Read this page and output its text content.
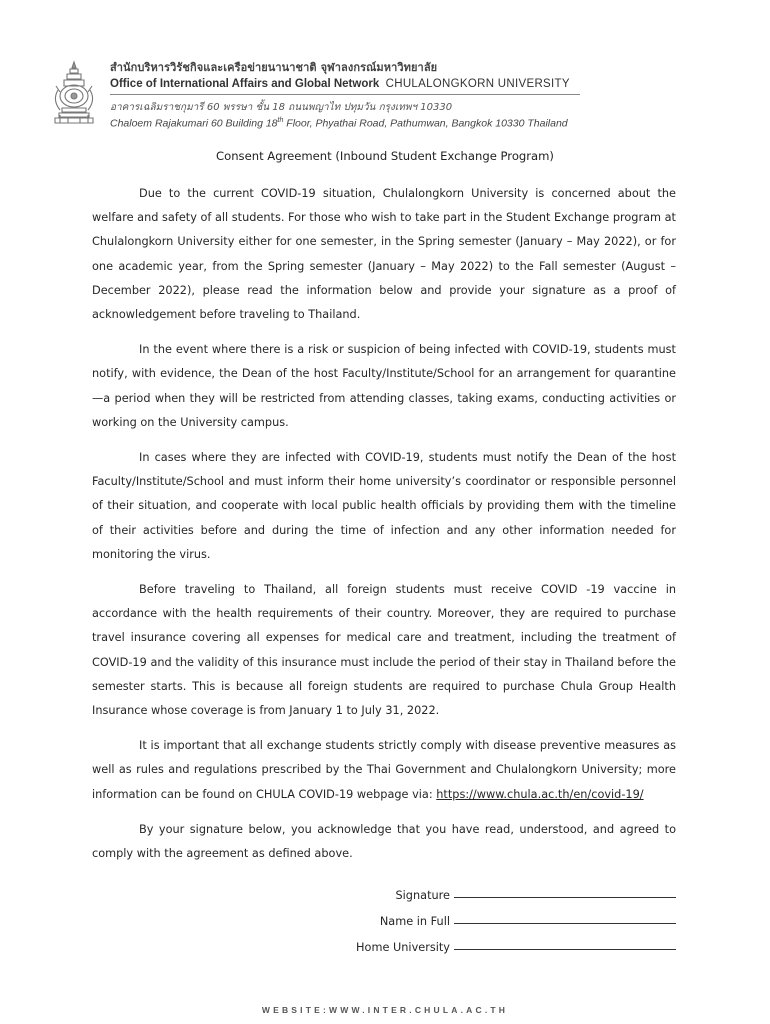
สำนักบริหารวิรัชกิจและเครือข่ายนานาชาติ จุฬาลงกรณ์มหาวิทยาลัย
Office of International Affairs and Global Network CHULALONGKORN UNIVERSITY
อาคารเฉลิมราชกุมารี 60 พรรษา ชั้น 18 ถนนพญาไท ปทุมวัน กรุงเทพฯ 10330
Chaloem Rajakumari 60 Building 18th Floor, Phyathai Road, Pathumwan, Bangkok 10330 Thailand
Consent Agreement (Inbound Student Exchange Program)

Due to the current COVID-19 situation, Chulalongkorn University is concerned about the welfare and safety of all students. For those who wish to take part in the Student Exchange program at Chulalongkorn University either for one semester, in the Spring semester (January – May 2022), or for one academic year, from the Spring semester (January – May 2022) to the Fall semester (August – December 2022), please read the information below and provide your signature as a proof of acknowledgement before traveling to Thailand.

In the event where there is a risk or suspicion of being infected with COVID-19, students must notify, with evidence, the Dean of the host Faculty/Institute/School for an arrangement for quarantine—a period when they will be restricted from attending classes, taking exams, conducting activities or working on the University campus.

In cases where they are infected with COVID-19, students must notify the Dean of the host Faculty/Institute/School and must inform their home university’s coordinator or responsible personnel of their situation, and cooperate with local public health officials by providing them with the timeline of their activities before and during the time of infection and any other information needed for monitoring the virus.

Before traveling to Thailand, all foreign students must receive COVID -19 vaccine in accordance with the health requirements of their country. Moreover, they are required to purchase travel insurance covering all expenses for medical care and treatment, including the treatment of COVID-19 and the validity of this insurance must include the period of their stay in Thailand before the semester starts. This is because all foreign students are required to purchase Chula Group Health Insurance whose coverage is from January 1 to July 31, 2022.

It is important that all exchange students strictly comply with disease preventive measures as well as rules and regulations prescribed by the Thai Government and Chulalongkorn University; more information can be found on CHULA COVID-19 webpage via: https://www.chula.ac.th/en/covid-19/

By your signature below, you acknowledge that you have read, understood, and agreed to comply with the agreement as defined above.

Signature
Name in Full
Home University
WEBSITE:WWW.INTER.CHULA.AC.TH
